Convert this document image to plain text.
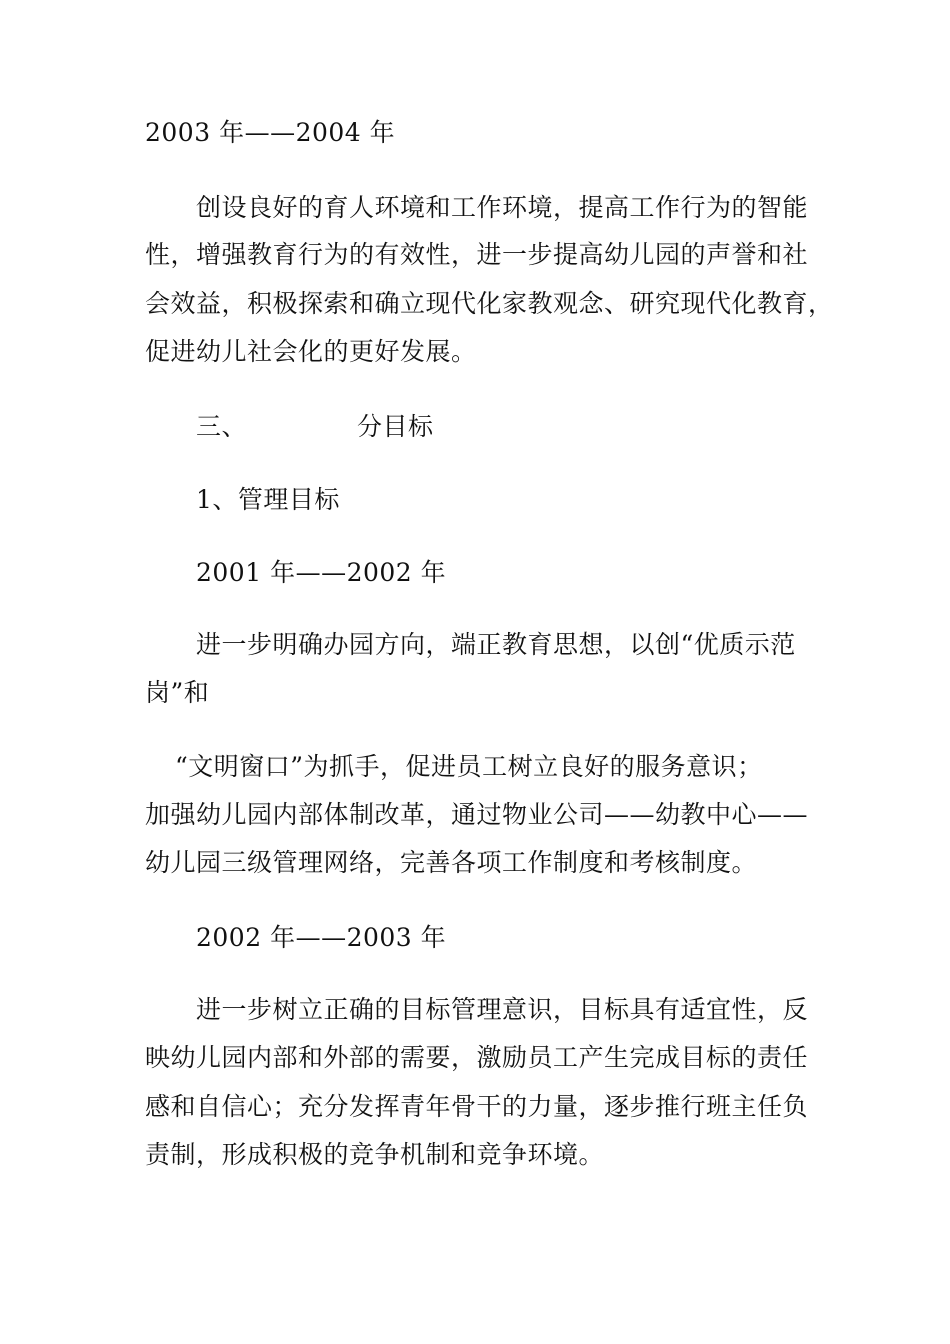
2003 年——2004 年
创设良好的育人环境和工作环境，提高工作行为的智能
性，增强教育行为的有效性，进一步提高幼儿园的声誉和社
会效益，积极探索和确立现代化家教观念、研究现代化教育，
促进幼儿社会化的更好发展。
三、	分目标
1、管理目标
2001 年——2002 年
进一步明确办园方向，端正教育思想，以创“优质示范
岗”和
“文明窗口”为抓手，促进员工树立良好的服务意识；
加强幼儿园内部体制改革，通过物业公司——幼教中心——
幼儿园三级管理网络，完善各项工作制度和考核制度。
2002 年——2003 年
进一步树立正确的目标管理意识，目标具有适宜性，反
映幼儿园内部和外部的需要，激励员工产生完成目标的责任
感和自信心；充分发挥青年骨干的力量，逐步推行班主任负
责制，形成积极的竞争机制和竞争环境。
